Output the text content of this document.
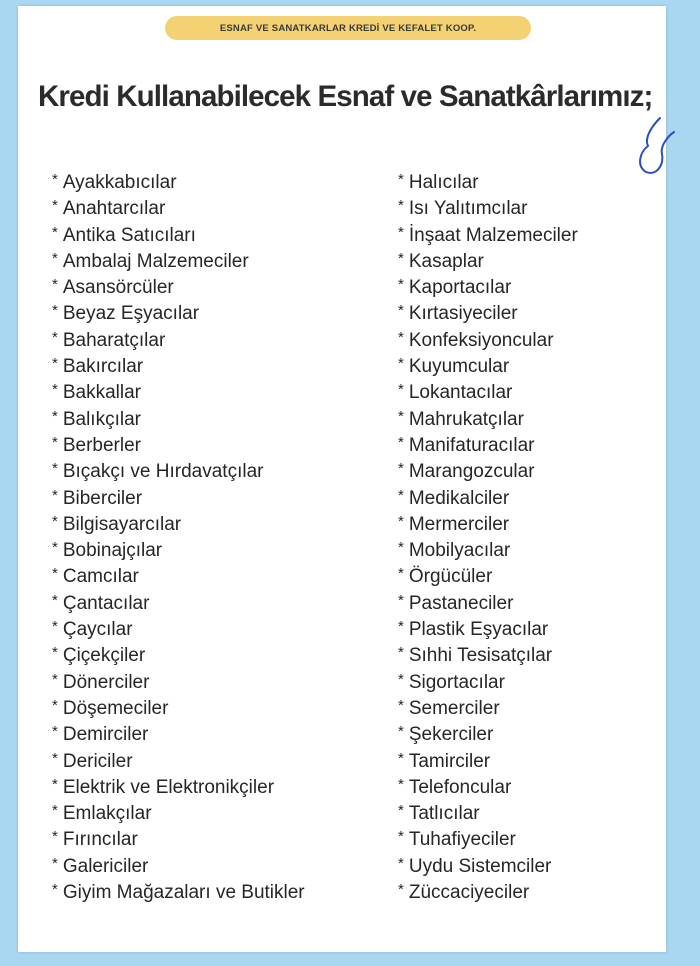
ESNAF VE SANATKARLAR KREDİ VE KEFALET KOOP.
Kredi Kullanabilecek Esnaf ve Sanatkârlarımız;
* Ayakkabıcılar
* Anahtarcılar
* Antika Satıcıları
* Ambalaj Malzemeciler
* Asansörcüler
* Beyaz Eşyacılar
* Baharatçılar
* Bakırcılar
* Bakkallar
* Balıkçılar
* Berberler
* Bıçakçı ve Hırdavatçılar
* Biberciler
* Bilgisayarcılar
* Bobinajçılar
* Camcılar
* Çantacılar
* Çaycılar
* Çiçekçiler
* Dönerciler
* Döşemeciler
* Demirciler
* Dericiler
* Elektrik ve Elektronikçiler
* Emlakçılar
* Fırıncılar
* Galericiler
* Giyim Mağazaları ve Butikler
* Halıcılar
* Isı Yalıtımcılar
* İnşaat Malzemeciler
* Kasaplar
* Kaportacılar
* Kırtasiyeciler
* Konfeksiyoncular
* Kuyumcular
* Lokantacılar
* Mahrukatçılar
* Manifaturacılar
* Marangozcular
* Medikalciler
* Mermerciler
* Mobilyacılar
* Örgücüler
* Pastaneciler
* Plastik Eşyacılar
* Sıhhi Tesisatçılar
* Sigortacılar
* Semerciler
* Şekerciler
* Tamirciler
* Telefoncular
* Tatlıcılar
* Tuhafiyeciler
* Uydu Sistemciler
* Züccaciyeciler
